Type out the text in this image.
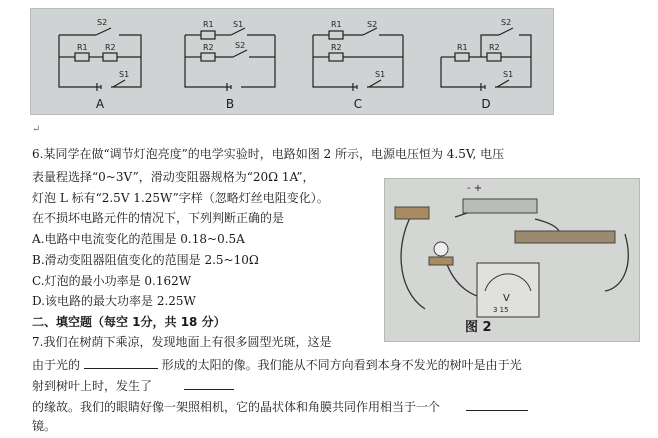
S2
R1 R2
S1
A
R1 S1
R2	S2
B
R1	S2
R2
S1
C
S2
R1	R2
S1
D
↵
6.某同学在做“调节灯泡亮度”的电学实验时，电路如图 2 所示，电源电压恒为 4.5V, 电压
表量程选择“0~3V”，滑动变阻器规格为“20Ω 1A”，
灯泡 L 标有“2.5V 1.25W”字样（忽略灯丝电阻变化）。
在不损坏电路元件的情况下，下列判断正确的是
A.电路中电流变化的范围是 0.18~0.5A
B.滑动变阻器阻值变化的范围是 2.5~10Ω
C.灯泡的最小功率是 0.162W
D.该电路的最大功率是 2.25W
二、填空题（每空 1分，共 18 分）
7.我们在树荫下乘凉，发现地面上有很多圆型光斑，这是
由于光的	形成的太阳的像。我们能从不同方向看到本身不发光的树叶是由于光
射到树叶上时，发生了
的缘故。我们的眼睛好像一架照相机，它的晶状体和角膜共同作用相当于一个
镜。
- +
V
3 15
图 2
